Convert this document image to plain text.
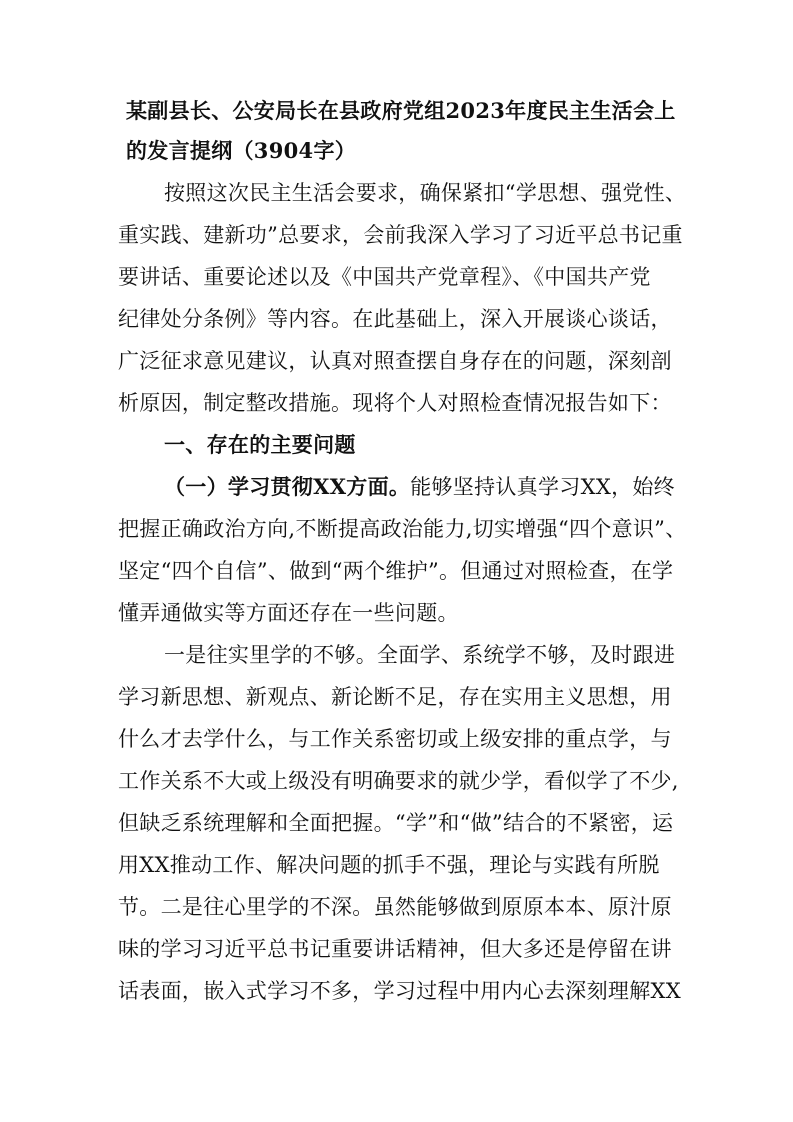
某副县长、公安局长在县政府党组2023年度民主生活会上
的发言提纲（3904字）
按照这次民主生活会要求，确保紧扣“学思想、强党性、
重实践、建新功”总要求，会前我深入学习了习近平总书记重
要讲话、重要论述以及《中国共产党章程》、《中国共产党
纪律处分条例》等内容。在此基础上，深入开展谈心谈话，
广泛征求意见建议，认真对照查摆自身存在的问题，深刻剖
析原因，制定整改措施。现将个人对照检查情况报告如下：
一、存在的主要问题
（一）学习贯彻XX方面。能够坚持认真学习XX，始终
把握正确政治方向,不断提高政治能力,切实增强“四个意识”、
坚定“四个自信”、做到“两个维护”。但通过对照检查，在学
懂弄通做实等方面还存在一些问题。
一是往实里学的不够。全面学、系统学不够，及时跟进
学习新思想、新观点、新论断不足，存在实用主义思想，用
什么才去学什么，与工作关系密切或上级安排的重点学，与
工作关系不大或上级没有明确要求的就少学，看似学了不少,
但缺乏系统理解和全面把握。“学”和“做”结合的不紧密，运
用XX推动工作、解决问题的抓手不强，理论与实践有所脱
节。二是往心里学的不深。虽然能够做到原原本本、原汁原
味的学习习近平总书记重要讲话精神，但大多还是停留在讲
话表面，嵌入式学习不多，学习过程中用内心去深刻理解XX
